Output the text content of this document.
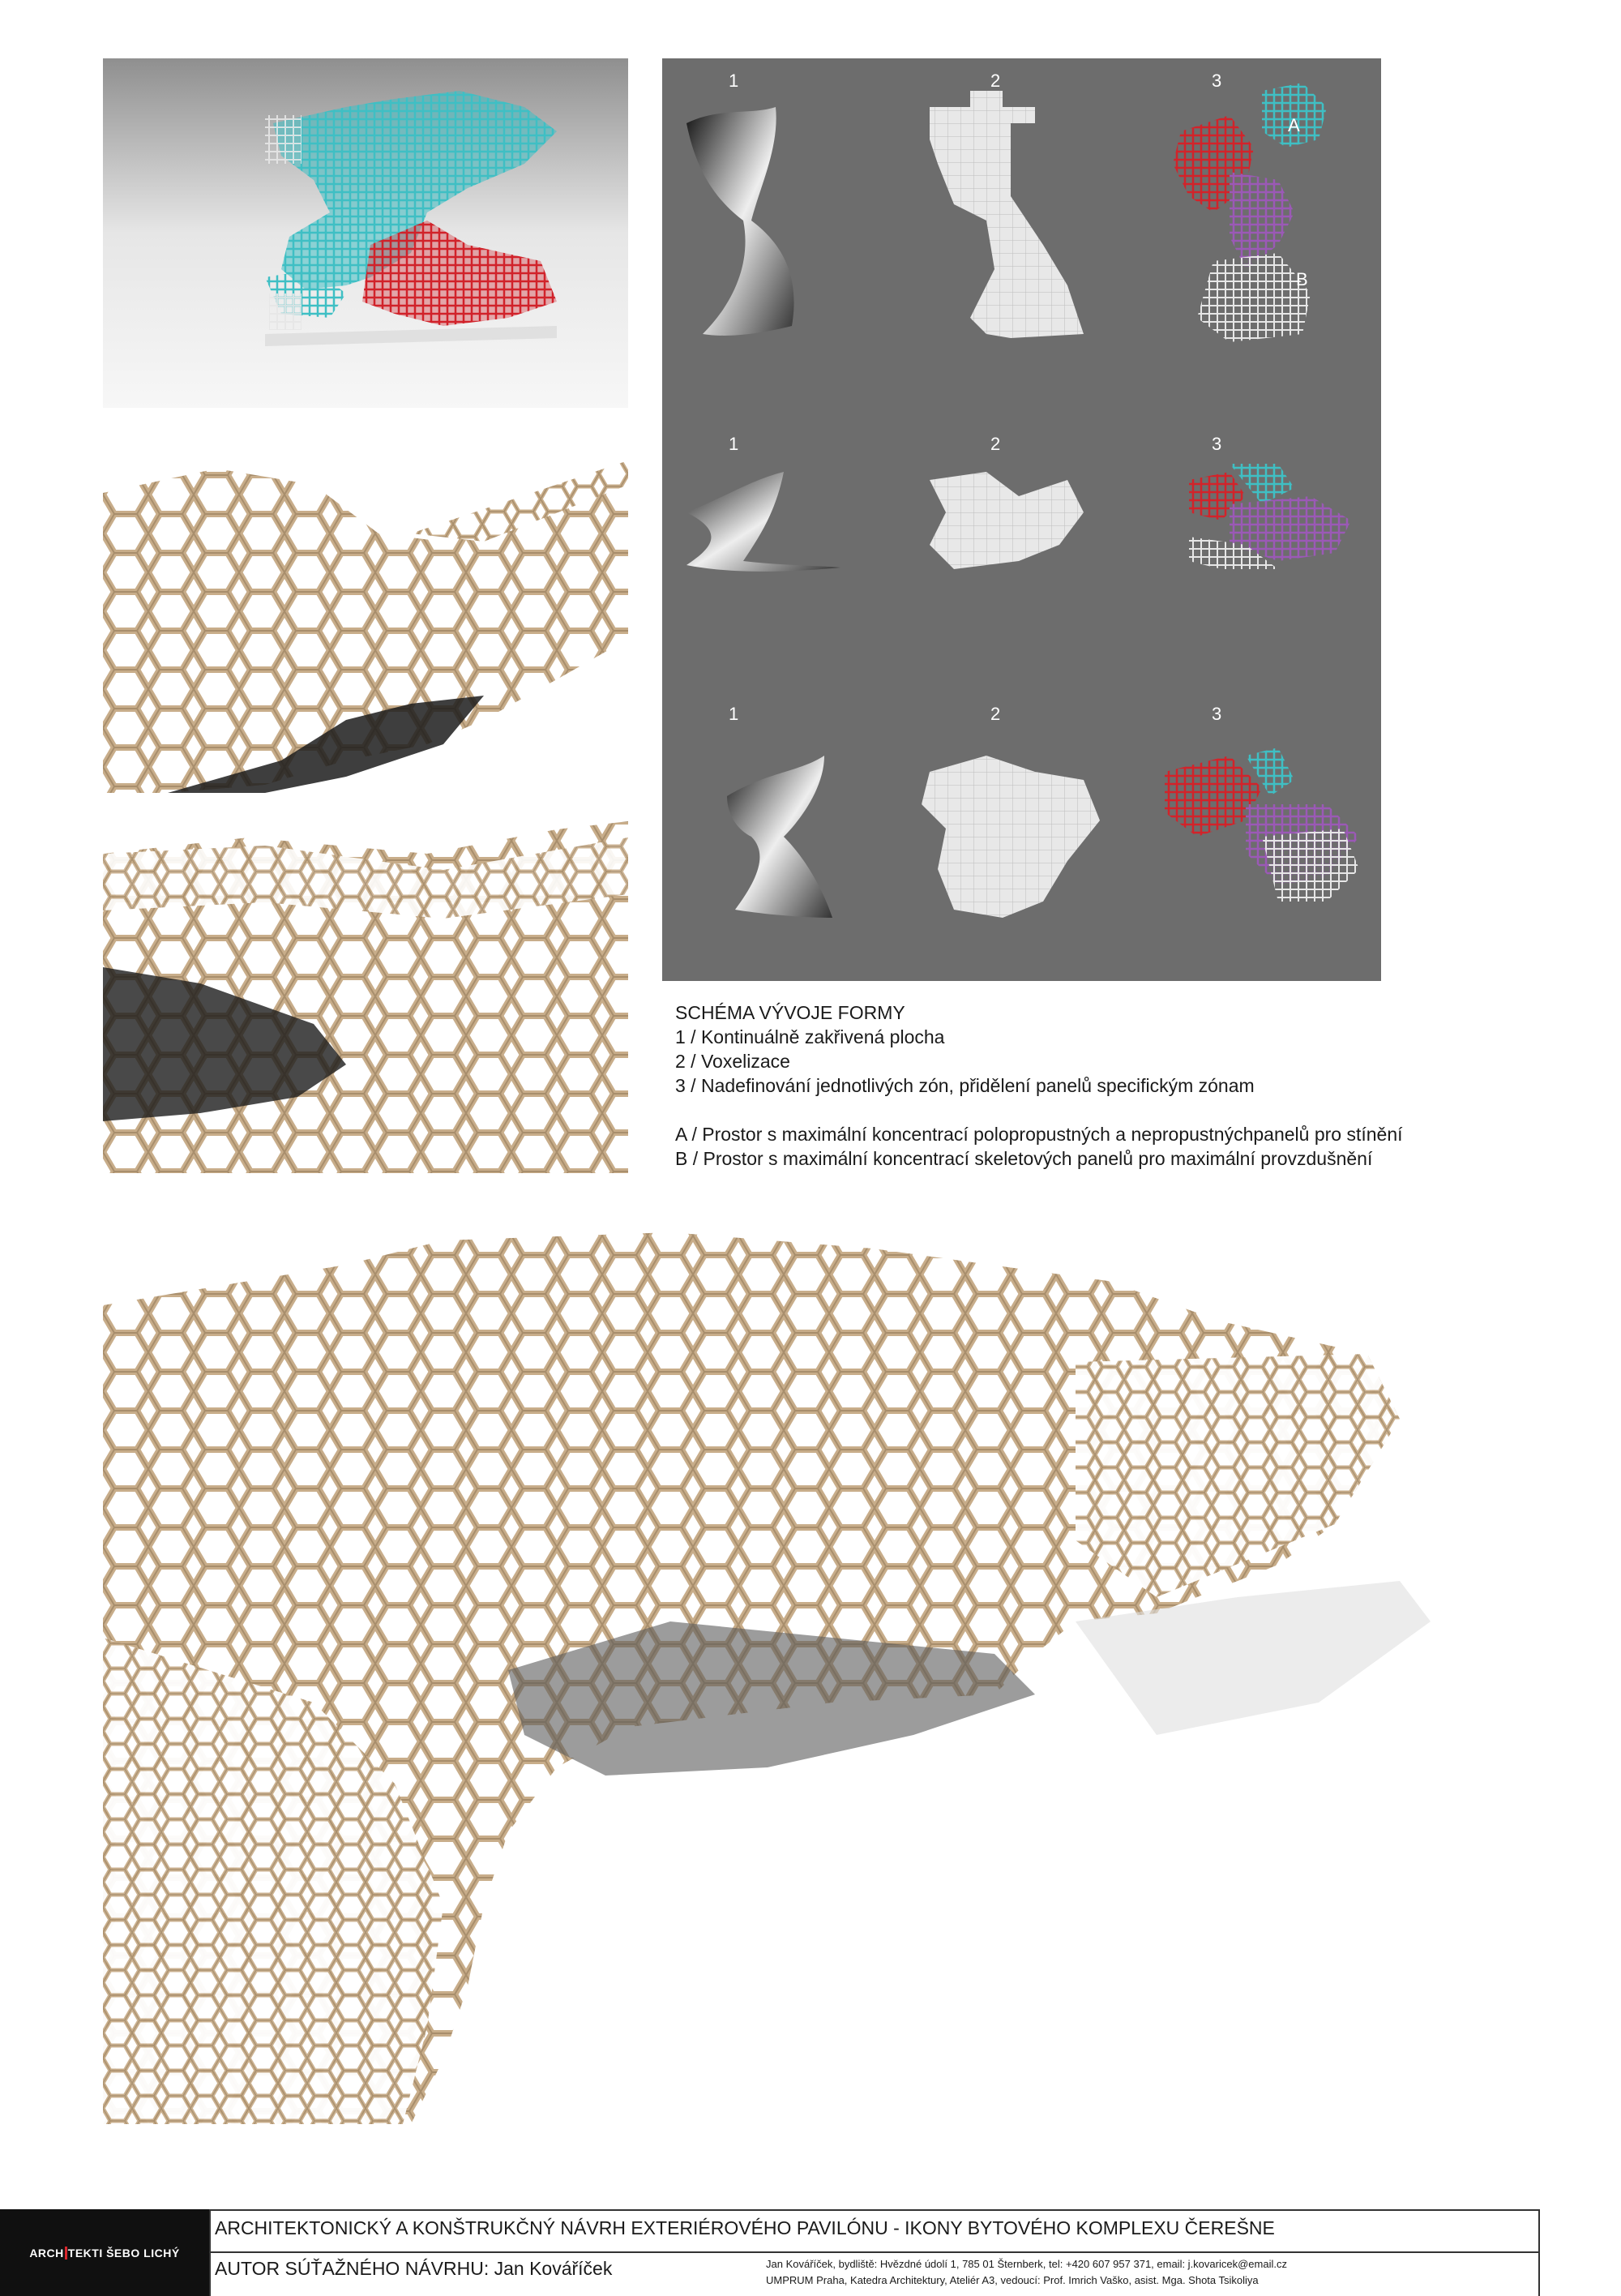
1	2	3
A
B
1	2	3
1	2	3
SCHÉMA VÝVOJE FORMY
1 / Kontinuálně zakřivená plocha
2 / Voxelizace
3 / Nadefinování jednotlivých zón, přidělení panelů specifickým zónam
A / Prostor s maximální koncentrací polopropustných a nepropustnýchpanelů pro stínění
B / Prostor s maximální koncentrací skeletových panelů pro maximální provzdušnění
ARCH TEKTI ŠEBO LICHÝ
ARCHITEKTONICKÝ A KONŠTRUKČNÝ NÁVRH EXTERIÉROVÉHO PAVILÓNU - IKONY BYTOVÉHO KOMPLEXU ČEREŠNE
AUTOR SÚŤAŽNÉHO NÁVRHU: Jan Kováříček	Jan Kováříček, bydliště: Hvězdné údolí 1, 785 01 Šternberk, tel: +420 607 957 371, email: j.kovaricek@email.cz
UMPRUM Praha, Katedra Architektury, Ateliér A3, vedoucí: Prof. Imrich Vaško, asist. Mga. Shota Tsikoliya
